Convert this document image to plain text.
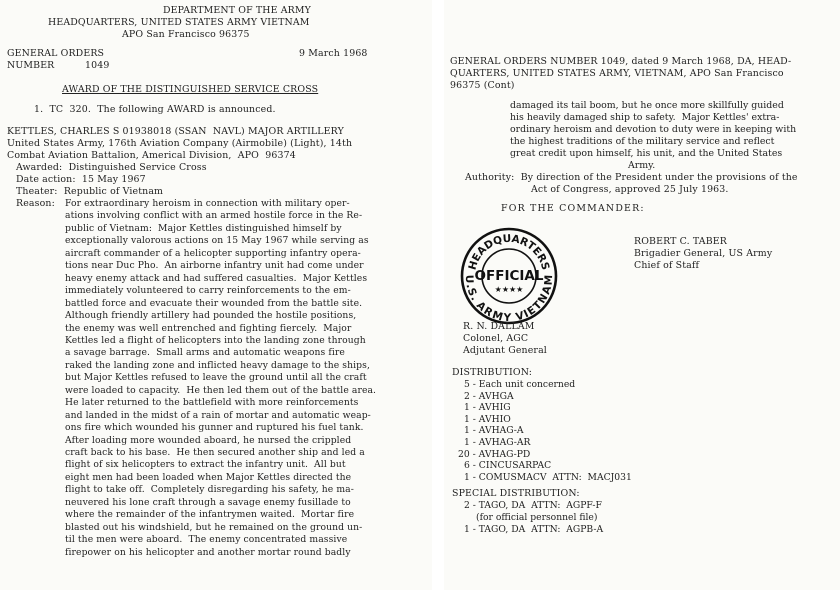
DEPARTMENT OF THE ARMY
HEADQUARTERS, UNITED STATES ARMY VIETNAM
APO San Francisco 96375
GENERAL ORDERS	9 March 1968
NUMBER	1049
AWARD OF THE DISTINGUISHED SERVICE CROSS
1.  TC  320.  The following AWARD is announced.
KETTLES, CHARLES S 01938018 (SSAN  NAVL) MAJOR ARTILLERY
United States Army, 176th Aviation Company (Airmobile) (Light), 14th
Combat Aviation Battalion, Americal Division,  APO  96374
Awarded:  Distinguished Service Cross
Date action:  15 May 1967
Theater:  Republic of Vietnam
Reason: For extraordinary heroism in connection with military oper-
ations involving conflict with an armed hostile force in the Re-
public of Vietnam:  Major Kettles distinguished himself by
exceptionally valorous actions on 15 May 1967 while serving as
aircraft commander of a helicopter supporting infantry opera-
tions near Duc Pho.  An airborne infantry unit had come under
heavy enemy attack and had suffered casualties.  Major Kettles
immediately volunteered to carry reinforcements to the em-
battled force and evacuate their wounded from the battle site.
Although friendly artillery had pounded the hostile positions,
the enemy was well entrenched and fighting fiercely.  Major
Kettles led a flight of helicopters into the landing zone through
a savage barrage.  Small arms and automatic weapons fire
raked the landing zone and inflicted heavy damage to the ships,
but Major Kettles refused to leave the ground until all the craft
were loaded to capacity.  He then led them out of the battle area.
He later returned to the battlefield with more reinforcements
and landed in the midst of a rain of mortar and automatic weap-
ons fire which wounded his gunner and ruptured his fuel tank.
After loading more wounded aboard, he nursed the crippled
craft back to his base.  He then secured another ship and led a
flight of six helicopters to extract the infantry unit.  All but
eight men had been loaded when Major Kettles directed the
flight to take off.  Completely disregarding his safety, he ma-
neuvered his lone craft through a savage enemy fusillade to
where the remainder of the infantrymen waited.  Mortar fire
blasted out his windshield, but he remained on the ground un-
til the men were aboard.  The enemy concentrated massive
firepower on his helicopter and another mortar round badly
GENERAL ORDERS NUMBER 1049, dated 9 March 1968, DA, HEAD-
QUARTERS, UNITED STATES ARMY, VIETNAM, APO San Francisco
96375 (Cont)
damaged its tail boom, but he once more skillfully guided
his heavily damaged ship to safety.  Major Kettles' extra-
ordinary heroism and devotion to duty were in keeping with
the highest traditions of the military service and reflect
great credit upon himself, his unit, and the United States
Army.
Authority:  By direction of the President under the provisions of the
Act of Congress, approved 25 July 1963.
FOR THE COMMANDER:
HEADQUARTERS
U.S. ARMY VIETNAM
OFFICIAL
★★★★
ROBERT C. TABER
Brigadier General, US Army
Chief of Staff
R. N. DALLAM
Colonel, AGC
Adjutant General
DISTRIBUTION:
5 - Each unit concerned
2 - AVHGA
1 - AVHIG
1 - AVHIO
1 - AVHAG-A
1 - AVHAG-AR
20 - AVHAG-PD
6 - CINCUSARPAC
1 - COMUSMACV  ATTN:  MACJ031
SPECIAL DISTRIBUTION:
2 - TAGO, DA  ATTN:  AGPF-F
(for official personnel file)
1 - TAGO, DA  ATTN:  AGPB-A
